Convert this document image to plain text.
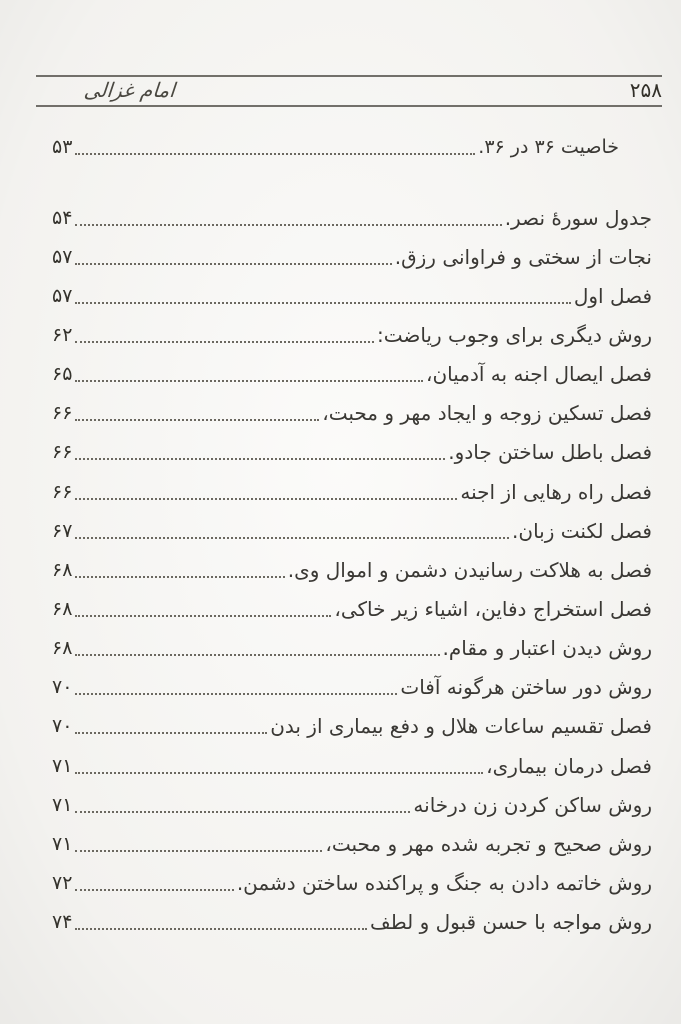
۲۵۸
امام غزالی
خاصیت ۳۶ در ۳۶.
۵۳
جدول سورهٔ نصر.
۵۴
نجات از سختی و فراوانی رزق.
۵۷
فصل اول
۵۷
روش دیگری برای وجوب ریاضت:
۶۲
فصل ایصال اجنه به آدمیان،
۶۵
فصل تسکین زوجه و ایجاد مهر و محبت،
۶۶
فصل باطل ساختن جادو.
۶۶
فصل راه رهایی از اجنه
۶۶
فصل لکنت زبان.
۶۷
فصل به هلاکت رسانیدن دشمن و اموال وی.
۶۸
فصل استخراج دفاین، اشیاء زیر خاکی،
۶۸
روش دیدن اعتبار و مقام.
۶۸
روش دور ساختن هرگونه آفات
۷۰
فصل تقسیم ساعات هلال و دفع بیماری از بدن
۷۰
فصل درمان بیماری،
۷۱
روش ساکن کردن زن درخانه
۷۱
روش صحیح و تجربه شده مهر و محبت،
۷۱
روش خاتمه دادن به جنگ و پراکنده ساختن دشمن.
۷۲
روش مواجه با حسن قبول و لطف
۷۴
